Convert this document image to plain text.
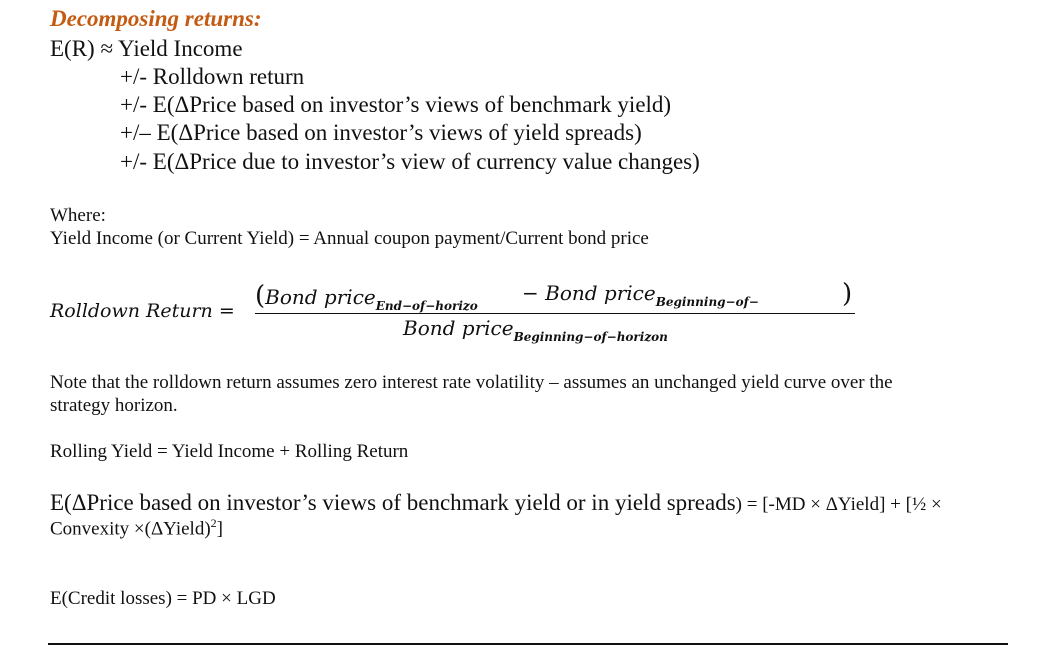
Decomposing returns:
E(R) ≈ Yield Income
+/- Rolldown return
+/- E(ΔPrice based on investor’s views of benchmark yield)
+/– E(ΔPrice based on investor’s views of yield spreads)
+/- E(ΔPrice due to investor’s view of currency value changes)
Where:
Yield Income (or Current Yield) = Annual coupon payment/Current bond price
Rolldown Return = (Bond price$_{End-of-horizo}$
− Bond price$_{Beginning-of-}$	)
Bond price$_{Beginning-of-horizon}$
Note that the rolldown return assumes zero interest rate volatility – assumes an unchanged yield curve over the
strategy horizon.
Rolling Yield = Yield Income + Rolling Return
E(ΔPrice based on investor’s views of benchmark yield or in yield spreads) = [-MD × ΔYield] + [½ ×
Convexity ×(ΔYield)$^2$]
E(Credit losses) = PD × LGD
